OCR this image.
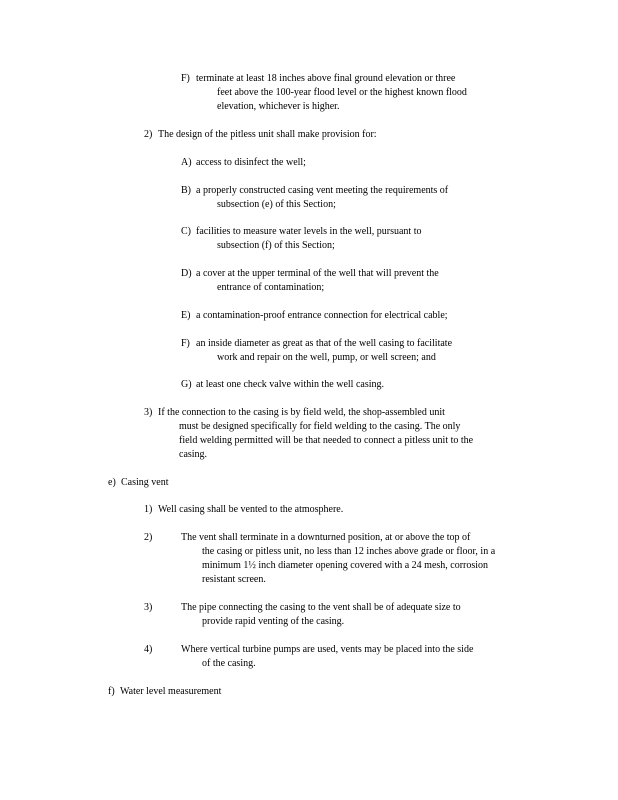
F) terminate at least 18 inches above final ground elevation or three
feet above the 100-year flood level or the highest known flood
elevation, whichever is higher.
2) The design of the pitless unit shall make provision for:
A) access to disinfect the well;
B) a properly constructed casing vent meeting the requirements of
subsection (e) of this Section;
C) facilities to measure water levels in the well, pursuant to
subsection (f) of this Section;
D) a cover at the upper terminal of the well that will prevent the
entrance of contamination;
E) a contamination-proof entrance connection for electrical cable;
F) an inside diameter as great as that of the well casing to facilitate
work and repair on the well, pump, or well screen; and
G) at least one check valve within the well casing.
3) If the connection to the casing is by field weld, the shop-assembled unit
must be designed specifically for field welding to the casing. The only
field welding permitted will be that needed to connect a pitless unit to the
casing.
e) Casing vent
1) Well casing shall be vented to the atmosphere.
2)	The vent shall terminate in a downturned position, at or above the top of
the casing or pitless unit, no less than 12 inches above grade or floor, in a
minimum 1½ inch diameter opening covered with a 24 mesh, corrosion
resistant screen.
3)	The pipe connecting the casing to the vent shall be of adequate size to
provide rapid venting of the casing.
4)	Where vertical turbine pumps are used, vents may be placed into the side
of the casing.
f) Water level measurement
